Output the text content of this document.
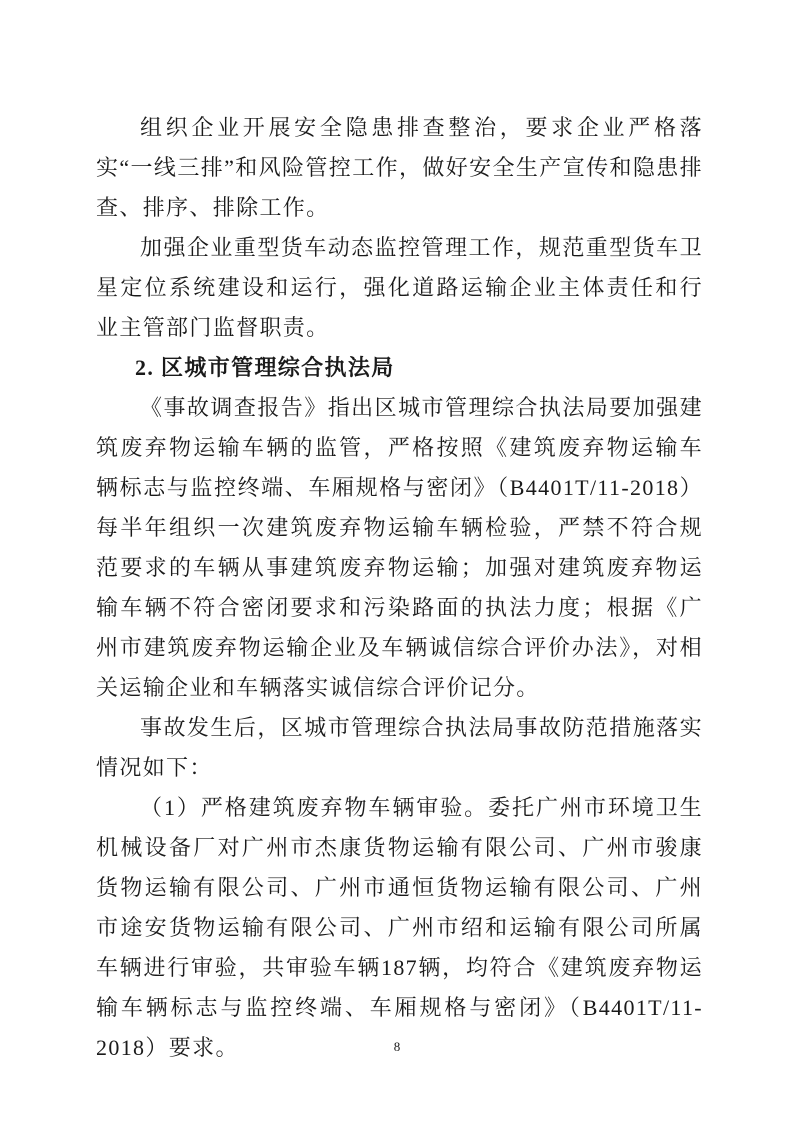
组织企业开展安全隐患排查整治，要求企业严格落实“一线三排”和风险管控工作，做好安全生产宣传和隐患排查、排序、排除工作。

加强企业重型货车动态监控管理工作，规范重型货车卫星定位系统建设和运行，强化道路运输企业主体责任和行业主管部门监督职责。

2. 区城市管理综合执法局

《事故调查报告》指出区城市管理综合执法局要加强建筑废弃物运输车辆的监管，严格按照《建筑废弃物运输车辆标志与监控终端、车厢规格与密闭》（B4401T/11-2018）每半年组织一次建筑废弃物运输车辆检验，严禁不符合规范要求的车辆从事建筑废弃物运输；加强对建筑废弃物运输车辆不符合密闭要求和污染路面的执法力度；根据《广州市建筑废弃物运输企业及车辆诚信综合评价办法》，对相关运输企业和车辆落实诚信综合评价记分。

事故发生后，区城市管理综合执法局事故防范措施落实情况如下：

（1）严格建筑废弃物车辆审验。委托广州市环境卫生机械设备厂对广州市杰康货物运输有限公司、广州市骏康货物运输有限公司、广州市通恒货物运输有限公司、广州市途安货物运输有限公司、广州市绍和运输有限公司所属车辆进行审验，共审验车辆187辆，均符合《建筑废弃物运输车辆标志与监控终端、车厢规格与密闭》（B4401T/11-2018）要求。	8
